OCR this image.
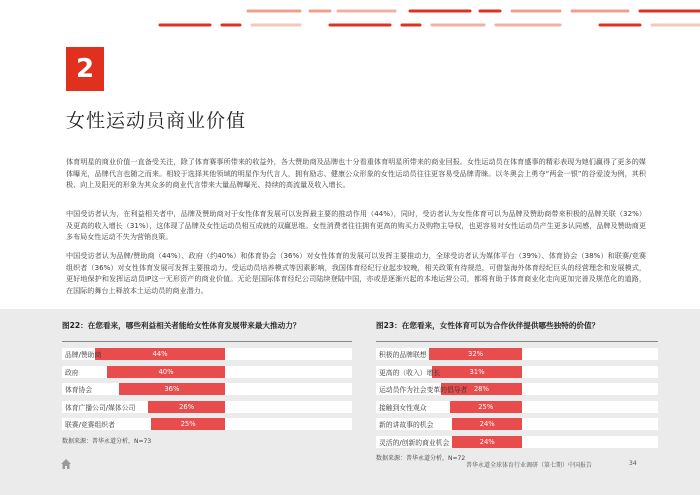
2
女性运动员商业价值

体育明星的商业价值一直备受关注，除了体育赛事所带来的收益外，各大赞助商及品牌也十分看重体育明星所带来的商业回报。女性运动员在体育盛事的精彩表现为她们赢得了更多的媒体曝光，品牌代言也随之而来。相较于选择其他领域的明星作为代言人，拥有励志、健康公众形象的女性运动员往往更容易受品牌青睐。以冬奥会上勇夺“两金一银”的谷爱凌为例，其积极、向上及阳光的形象为其众多的商业代言带来大量品牌曝光、持续的高流量及收入增长。

中国受访者认为，在利益相关者中，品牌及赞助商对于女性体育发展可以发挥最主要的推动作用（44%），同时，受访者认为女性体育可以为品牌及赞助商带来积极的品牌关联（32%）及更高的收入增长（31%），这体现了品牌及女性运动员相互成就的双赢思维。女性消费者往往拥有更高的购买力及购物主导权，也更容易对女性运动员产生更多认同感，品牌及赞助商更多布局女性运动不失为营销良策。

中国受访者认为品牌/赞助商（44%）、政府（约40%）和体育协会（36%）对女性体育的发展可以发挥主要推动力，全球受访者认为媒体平台（39%）、体育协会（38%）和联赛/竞赛组织者（36%）对女性体育发展可发挥主要推动力。受运动员培养模式等因素影响，我国体育经纪行业起步较晚，相关政策有待规范，可借鉴海外体育经纪巨头的经营理念和发展模式，更好地保护和发挥运动员IP这一无形资产的商业价值。无论是国际体育经纪公司陆续登陆中国，亦或是逐渐兴起的本地运营公司，都将有助于体育商业化走向更加完善及规范化的道路，在国际的舞台上释放本土运动员的商业潜力。

图22：在您看来，哪些利益相关者能给女性体育发展带来最大推动力？
品牌/赞助商	44%
政府	40%
体育协会	36%
体育广播公司/媒体公司	26%
联赛/竞赛组织者	25%
数据来源：普华永道分析，N=73
图23：在您看来，女性体育可以为合作伙伴提供哪些独特的价值？
积极的品牌联想	32%
更高的（收入）增长	31%
运动员作为社会变革的倡导者 28%
接触到女性观众	25%
新的讲故事的机会	24%
灵活的/创新的商业机会	24%
数据来源：普华永道分析，N=72
普华永道全球体育行业调研（第七期）中国报告	34
